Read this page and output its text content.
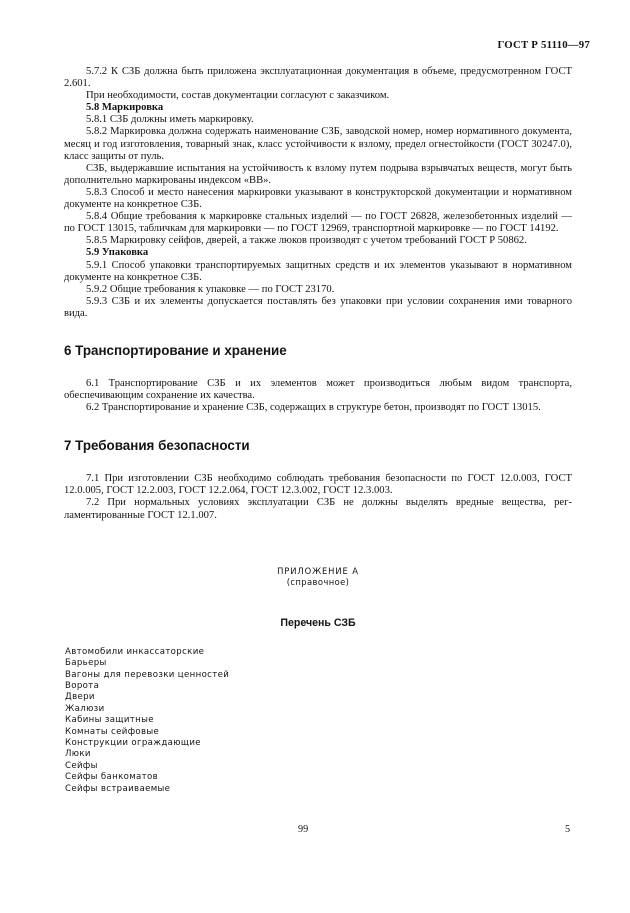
ГОСТ Р 51110—97

5.7.2 К СЗБ должна быть приложена эксплуатационная документация в объеме, предусмотренном ГОСТ 2.601.

При необходимости, состав документации согласуют с заказчиком.

5.8 Маркировка

5.8.1 СЗБ должны иметь маркировку.

5.8.2 Маркировка должна содержать наименование СЗБ, заводской номер, номер нормативного документа, месяц и год изготовления, товарный знак, класс устойчивости к взлому, предел огнестойкости (ГОСТ 30247.0), класс защиты от пуль.

СЗБ, выдержавшие испытания на устойчивость к взлому путем подрыва взрывчатых веществ, могут быть дополнительно маркированы индексом «ВВ».

5.8.3 Способ и место нанесения маркировки указывают в конструкторской документации и нормативном документе на конкретное СЗБ.

5.8.4 Общие требования к маркировке стальных изделий — по ГОСТ 26828, железобетонных изделий — по ГОСТ 13015, табличкам для маркировки — по ГОСТ 12969, транспортной маркировке — по ГОСТ 14192.

5.8.5 Маркировку сейфов, дверей, а также люков производят с учетом требований ГОСТ Р 50862.

5.9 Упаковка

5.9.1 Способ упаковки транспортируемых защитных средств и их элементов указывают в нормативном документе на конкретное СЗБ.

5.9.2 Общие требования к упаковке — по ГОСТ 23170.

5.9.3 СЗБ и их элементы допускается поставлять без упаковки при условии сохранения ими товарного вида.

6 Транспортирование и хранение

6.1 Транспортирование СЗБ и их элементов может производиться любым видом транспорта, обеспечивающим сохранение их качества.

6.2 Транспортирование и хранение СЗБ, содержащих в структуре бетон, производят по ГОСТ 13015.

7 Требования безопасности

7.1 При изготовлении СЗБ необходимо соблюдать требования безопасности по ГОСТ 12.0.003, ГОСТ 12.0.005, ГОСТ 12.2.003, ГОСТ 12.2.064, ГОСТ 12.3.002, ГОСТ 12.3.003.

7.2 При нормальных условиях эксплуатации СЗБ не должны выделять вредные вещества, регламентированные ГОСТ 12.1.007.

ПРИЛОЖЕНИЕ А

(справочное)

Перечень СЗБ

Автомобили инкассаторские
Барьеры
Вагоны для перевозки ценностей
Ворота
Двери
Жалюзи
Кабины защитные
Комнаты сейфовые
Конструкции ограждающие
Люки
Сейфы
Сейфы банкоматов
Сейфы встраиваемые
99	5
